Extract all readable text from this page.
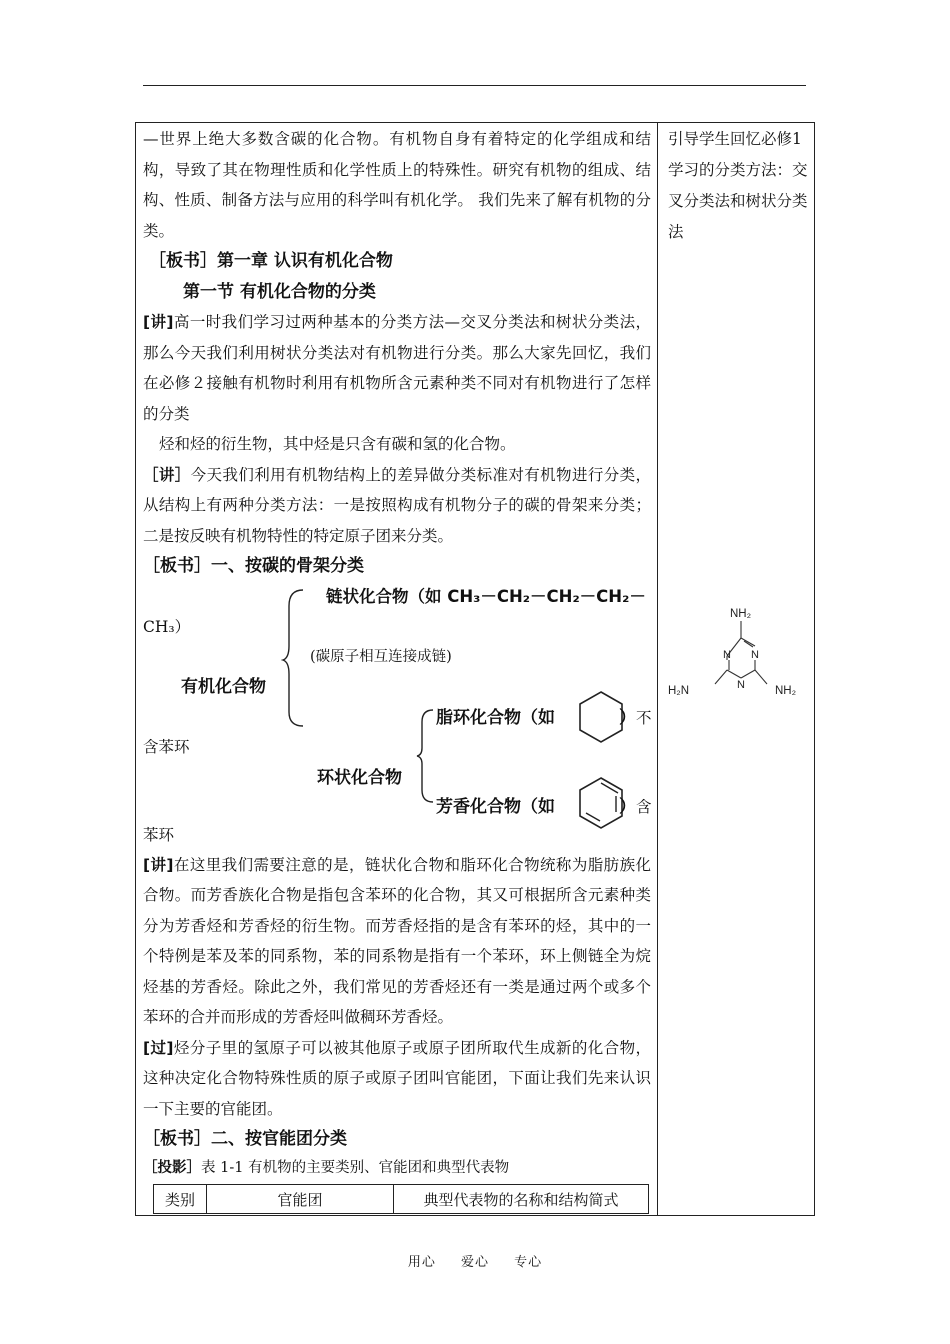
—世界上绝大多数含碳的化合物。有机物自身有着特定的化学组成和结构，导致了其在物理性质和化学性质上的特殊性。研究有机物的组成、结构、性质、制备方法与应用的科学叫有机化学。 我们先来了解有机物的分类。

［板书］第一章 认识有机化合物

第一节 有机化合物的分类

[讲]高一时我们学习过两种基本的分类方法—交叉分类法和树状分类法，那么今天我们利用树状分类法对有机物进行分类。那么大家先回忆，我们在必修２接触有机物时利用有机物所含元素种类不同对有机物进行了怎样的分类

烃和烃的衍生物，其中烃是只含有碳和氢的化合物。

［讲］今天我们利用有机物结构上的差异做分类标准对有机物进行分类，从结构上有两种分类方法：一是按照构成有机物分子的碳的骨架来分类；二是按反映有机物特性的特定原子团来分类。

［板书］一、按碳的骨架分类

链状化合物（如 CH₃－CH₂－CH₂－CH₂－
CH₃）
(碳原子相互连接成链)
有机化合物
脂环化合物（如	） 不
含苯环
环状化合物
芳香化合物（如	） 含
苯环

[讲]在这里我们需要注意的是，链状化合物和脂环化合物统称为脂肪族化合物。而芳香族化合物是指包含苯环的化合物，其又可根据所含元素种类分为芳香烃和芳香烃的衍生物。而芳香烃指的是含有苯环的烃，其中的一个特例是苯及苯的同系物，苯的同系物是指有一个苯环，环上侧链全为烷烃基的芳香烃。除此之外，我们常见的芳香烃还有一类是通过两个或多个苯环的合并而形成的芳香烃叫做稠环芳香烃。

[过]烃分子里的氢原子可以被其他原子或原子团所取代生成新的化合物，这种决定化合物特殊性质的原子或原子团叫官能团，下面让我们先来认识一下主要的官能团。

［板书］二、按官能团分类

［投影］表 1-1 有机物的主要类别、官能团和典型代表物

类别	官能团	典型代表物的名称和结构简式
引导学生回忆必修1学习的分类方法：交叉分类法和树状分类法
NH₂
N
N
N
H₂N	NH₂
用心 爱心 专心
